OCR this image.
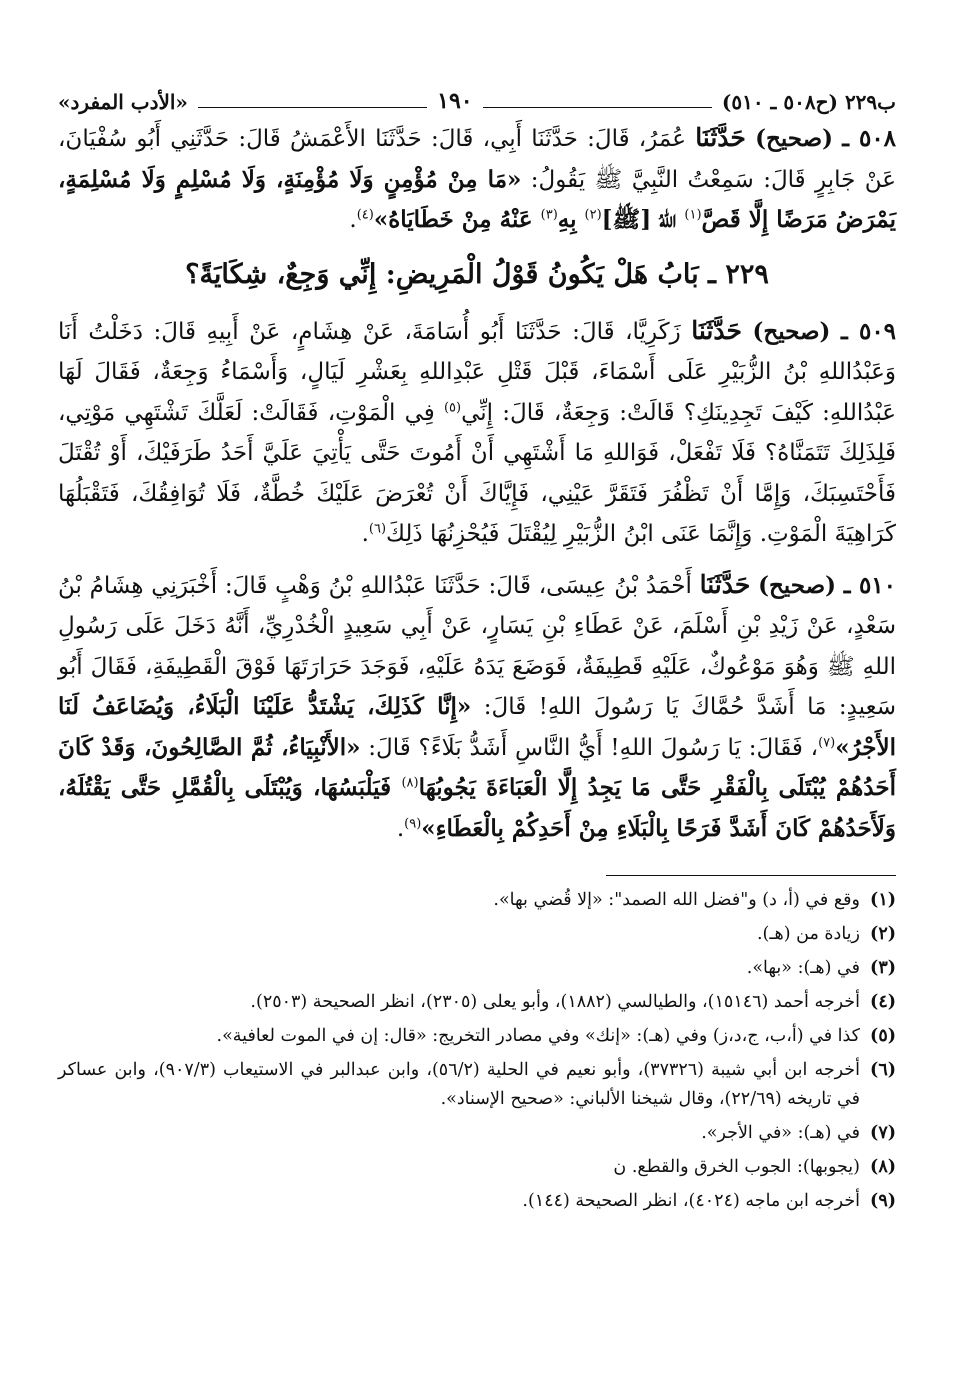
ب٢٢٩ (ح٥٠٨ ـ ٥١٠)
١٩٠
«الأدب المفرد»

٥٠٨ ـ (صحيح) حَدَّثَنَا عُمَرُ، قَالَ: حَدَّثَنَا أَبِي، قَالَ: حَدَّثَنَا الأَعْمَشُ قَالَ: حَدَّثَنِي أَبُو سُفْيَانَ، عَنْ جَابِرٍ قَالَ: سَمِعْتُ النَّبِيَّ ﷺ يَقُولُ: «مَا مِنْ مُؤْمِنٍ وَلَا مُؤْمِنَةٍ، وَلَا مُسْلِمٍ وَلَا مُسْلِمَةٍ، يَمْرَضُ مَرَضًا إِلَّا قَصَّ$^{(١)}$ اللهُ [ﷺ]$^{(٢)}$ بِهِ$^{(٣)}$ عَنْهُ مِنْ خَطَايَاهُ»$^{(٤)}$.

٢٢٩ ـ بَابُ هَلْ يَكُونُ قَوْلُ الْمَرِيضِ: إِنِّي وَجِعٌ، شِكَايَةً؟

٥٠٩ ـ (صحيح) حَدَّثَنَا زَكَرِيَّا، قَالَ: حَدَّثَنَا أَبُو أُسَامَةَ، عَنْ هِشَامٍ، عَنْ أَبِيهِ قَالَ: دَخَلْتُ أَنَا وَعَبْدُاللهِ بْنُ الزُّبَيْرِ عَلَى أَسْمَاءَ، قَبْلَ قَتْلِ عَبْدِاللهِ بِعَشْرِ لَيَالٍ، وَأَسْمَاءُ وَجِعَةٌ، فَقَالَ لَهَا عَبْدُاللهِ: كَيْفَ تَجِدِينَكِ؟ قَالَتْ: وَجِعَةٌ، قَالَ: إِنِّي$^{(٥)}$ فِي الْمَوْتِ، فَقَالَتْ: لَعَلَّكَ تَشْتَهِي مَوْتِي، فَلِذَلِكَ تَتَمَنَّاهُ؟ فَلَا تَفْعَلْ، فَوَاللهِ مَا أَشْتَهِي أَنْ أَمُوتَ حَتَّى يَأْتِيَ عَلَيَّ أَحَدُ طَرَفَيْكَ، أَوْ تُقْتَلَ فَأَحْتَسِبَكَ، وَإِمَّا أَنْ تَظْفُرَ فَتَقَرَّ عَيْنِي، فَإِيَّاكَ أَنْ تُعْرَضَ عَلَيْكَ خُطَّةٌ، فَلَا تُوَافِقُكَ، فَتَقْبَلُهَا كَرَاهِيَةَ الْمَوْتِ. وَإِنَّمَا عَنَى ابْنُ الزُّبَيْرِ لِيُقْتَلَ فَيُحْزِنُهَا ذَلِكَ$^{(٦)}$.

٥١٠ ـ (صحيح) حَدَّثَنَا أَحْمَدُ بْنُ عِيسَى، قَالَ: حَدَّثَنَا عَبْدُاللهِ بْنُ وَهْبٍ قَالَ: أَخْبَرَنِي هِشَامُ بْنُ سَعْدٍ، عَنْ زَيْدِ بْنِ أَسْلَمَ، عَنْ عَطَاءِ بْنِ يَسَارٍ، عَنْ أَبِي سَعِيدٍ الْخُدْرِيِّ، أَنَّهُ دَخَلَ عَلَى رَسُولِ اللهِ ﷺ وَهُوَ مَوْعُوكٌ، عَلَيْهِ قَطِيفَةٌ، فَوَضَعَ يَدَهُ عَلَيْهِ، فَوَجَدَ حَرَارَتَهَا فَوْقَ الْقَطِيفَةِ، فَقَالَ أَبُو سَعِيدٍ: مَا أَشَدَّ حُمَّاكَ يَا رَسُولَ اللهِ! قَالَ: «إِنَّا كَذَلِكَ، يَشْتَدُّ عَلَيْنَا الْبَلَاءُ، وَيُضَاعَفُ لَنَا الأَجْرُ»$^{(٧)}$، فَقَالَ: يَا رَسُولَ اللهِ! أَيُّ النَّاسِ أَشَدُّ بَلَاءً؟ قَالَ: «الأَنْبِيَاءُ، ثُمَّ الصَّالِحُونَ، وَقَدْ كَانَ أَحَدُهُمْ يُبْتَلَى بِالْفَقْرِ حَتَّى مَا يَجِدُ إِلَّا الْعَبَاءَةَ يَجُوبُهَا$^{(٨)}$ فَيَلْبَسُهَا، وَيُبْتَلَى بِالْقُمَّلِ حَتَّى يَقْتُلَهُ، وَلَأَحَدُهُمْ كَانَ أَشَدَّ فَرَحًا بِالْبَلَاءِ مِنْ أَحَدِكُمْ بِالْعَطَاءِ»$^{(٩)}$.

(١)
وقع في (أ، د) و"فضل الله الصمد": «إلا قُضي بها».
(٢)
زيادة من (هـ).
(٣)
في (هـ): «بها».
(٤)
أخرجه أحمد (١٥١٤٦)، والطيالسي (١٨٨٢)، وأبو يعلى (٢٣٠٥)، انظر الصحيحة (٢٥٠٣).
(٥)
كذا في (أ،ب، ج،د،ز) وفي (هـ): «إنك» وفي مصادر التخريج: «قال: إن في الموت لعافية».
(٦)
أخرجه ابن أبي شيبة (٣٧٣٢٦)، وأبو نعيم في الحلية (٥٦/٢)، وابن عبدالبر في الاستيعاب (٩٠٧/٣)، وابن عساكر في تاريخه (٢٢/٦٩)، وقال شيخنا الألباني: «صحيح الإسناد».
(٧)
في (هـ): «في الأجر».
(٨)
(يجوبها): الجوب الخرق والقطع. ن
(٩)
أخرجه ابن ماجه (٤٠٢٤)، انظر الصحيحة (١٤٤).
